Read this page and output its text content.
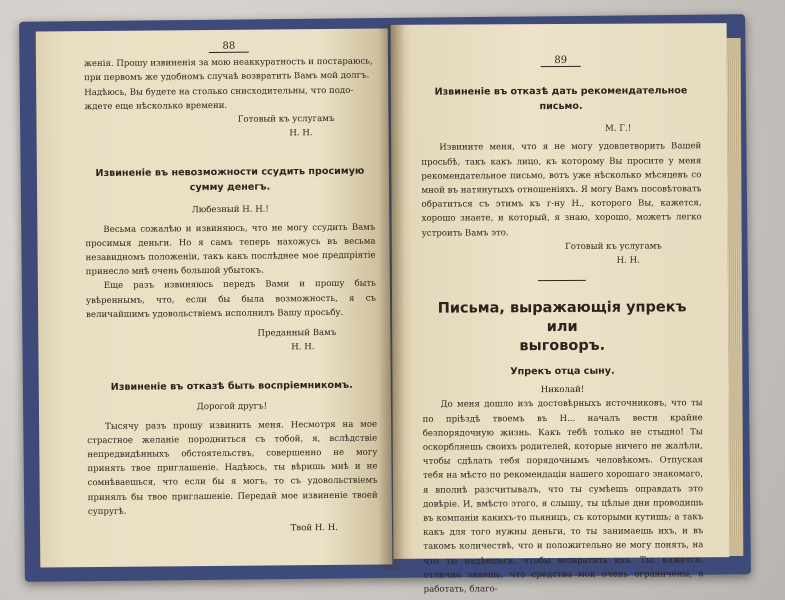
88

женія. Прошу извиненія за мою неаккуратность и постараюсь,

при первомъ же удобномъ случаѣ возвратить Вамъ мой долгъ.

Надѣюсь, Вы будете на столько снисходительны, что подо-

ждете еще нѣсколько времени.

Готовый къ услугамъ

Н. Н.

Извиненіе въ невозможности ссудить просимую
сумму денегъ.

Любезный Н. Н.!

Весьма сожалѣю и извиняюсь, что не могу ссудить Вамъ просимыя деньги. Но я самъ теперь нахожусь въ весьма незавидномъ положеніи, такъ какъ послѣднее мое предпріятіе принесло мнѣ очень большой убытокъ.

Еще разъ извиняюсь передъ Вами и прошу быть увѣреннымъ, что, если бы была возможность, я съ величайшимъ удовольствіемъ исполнилъ Вашу просьбу.

Преданный Вамъ

Н. Н.

Извиненіе въ отказѣ быть воспріемникомъ.

Дорогой другъ!

Тысячу разъ прошу извинить меня. Несмотря на мое страстное желаніе породниться съ тобой, я, вслѣдствіе непредвидѣнныхъ обстоятельствъ, совершенно не могу принять твое приглашеніе. Надѣюсь, ты вѣришь мнѣ и не сомнѣваешься, что если бы я могъ, то съ удовольствіемъ принялъ бы твое приглашеніе. Передай мое извиненіе твоей супругѣ.

Твой Н. Н.

89
Извиненіе въ отказѣ дать рекомендательное письмо.

М. Г.!

Извините меня, что я не могу удовлетворить Вашей просьбѣ, такъ какъ лицо, къ которому Вы просите у меня рекомендательное письмо, вотъ уже нѣсколько мѣсяцевъ со мной въ натянутыхъ отношеніяхъ. Я могу Вамъ посовѣтовать обратиться съ этимъ къ г-ну Н., которого Вы, кажется, хорошо знаете, и который, я знаю, хорошо, можетъ легко устроить Вамъ это.

Готовый къ услугамъ

Н. Н.

Письма, выражающія упрекъ или
выговоръ.
Упрекъ отца сыну.

Николай!

До меня дошло изъ достовѣрныхъ источниковъ, что ты по пріѣздѣ твоемъ въ Н... началъ вести крайне безпорядочную жизнь. Какъ тебѣ только не стыдно! Ты оскорбляешь своихъ родителей, которые ничего не жалѣли, чтобы сдѣлать тебя порядочнымъ человѣкомъ. Отпуская тебя на мѣсто по рекомендаціи нашего хорошаго знакомаго, я вполнѣ разсчитывалъ, что ты сумѣешь оправдать это довѣріе. И, вмѣсто этого, я слышу, ты цѣлые дни проводишь въ компаніи какихъ-то пьяницъ, съ которыми кутишь; а такъ какъ для того нужны деньги, то ты занимаешь ихъ, и въ такомъ количествѣ, что и положительно не могу понять, на что ты надѣешься, чтобы возвратить ихъ. Ты, кажется, отлично знаешь, что средства мои очень ограничены, а работать, благо-
